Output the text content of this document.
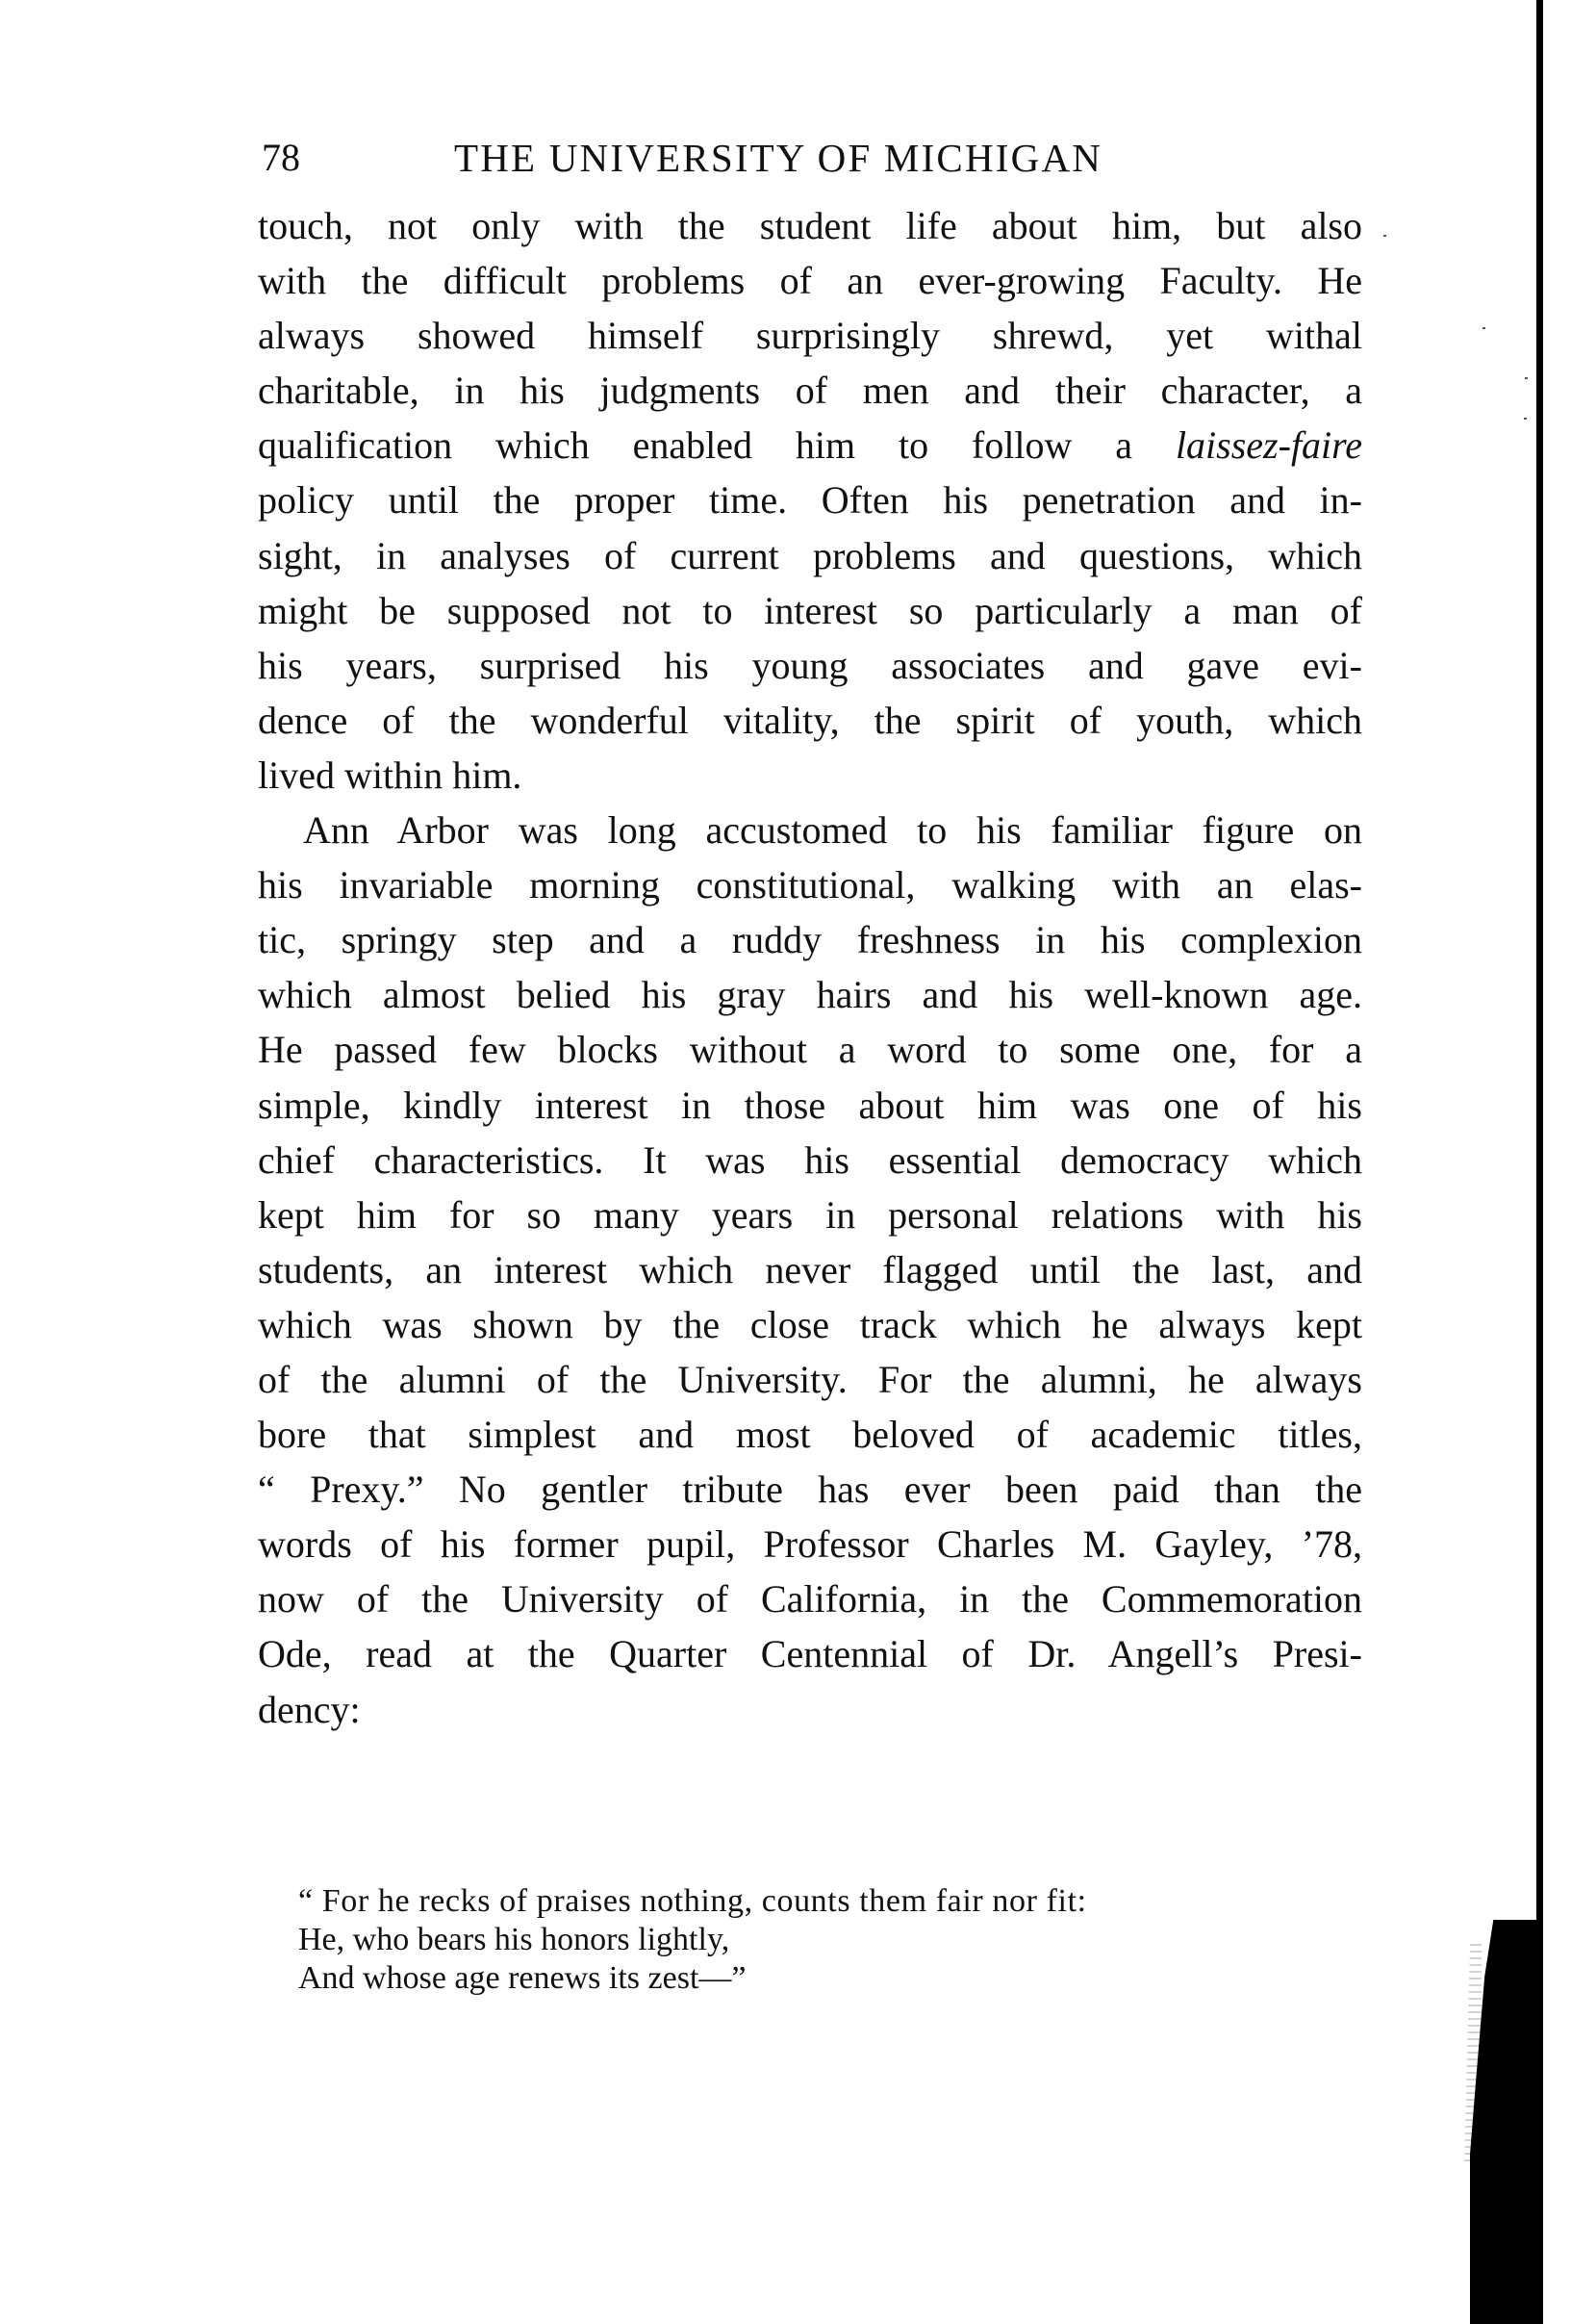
78	THE UNIVERSITY OF MICHIGAN
touch, not only with the student life about him, but also
with the difficult problems of an ever-growing Faculty. He
always showed himself surprisingly shrewd, yet withal
charitable, in his judgments of men and their character, a
qualification which enabled him to follow a laissez-faire
policy until the proper time. Often his penetration and in-
sight, in analyses of current problems and questions, which
might be supposed not to interest so particularly a man of
his years, surprised his young associates and gave evi-
dence of the wonderful vitality, the spirit of youth, which
lived within him.
Ann Arbor was long accustomed to his familiar figure on
his invariable morning constitutional, walking with an elas-
tic, springy step and a ruddy freshness in his complexion
which almost belied his gray hairs and his well-known age.
He passed few blocks without a word to some one, for a
simple, kindly interest in those about him was one of his
chief characteristics. It was his essential democracy which
kept him for so many years in personal relations with his
students, an interest which never flagged until the last, and
which was shown by the close track which he always kept
of the alumni of the University. For the alumni, he always
bore that simplest and most beloved of academic titles,
“ Prexy.” No gentler tribute has ever been paid than the
words of his former pupil, Professor Charles M. Gayley, ’78,
now of the University of California, in the Commemoration
Ode, read at the Quarter Centennial of Dr. Angell’s Presi-
dency:
“ For he recks of praises nothing, counts them fair nor fit:
He, who bears his honors lightly,
And whose age renews its zest—”
